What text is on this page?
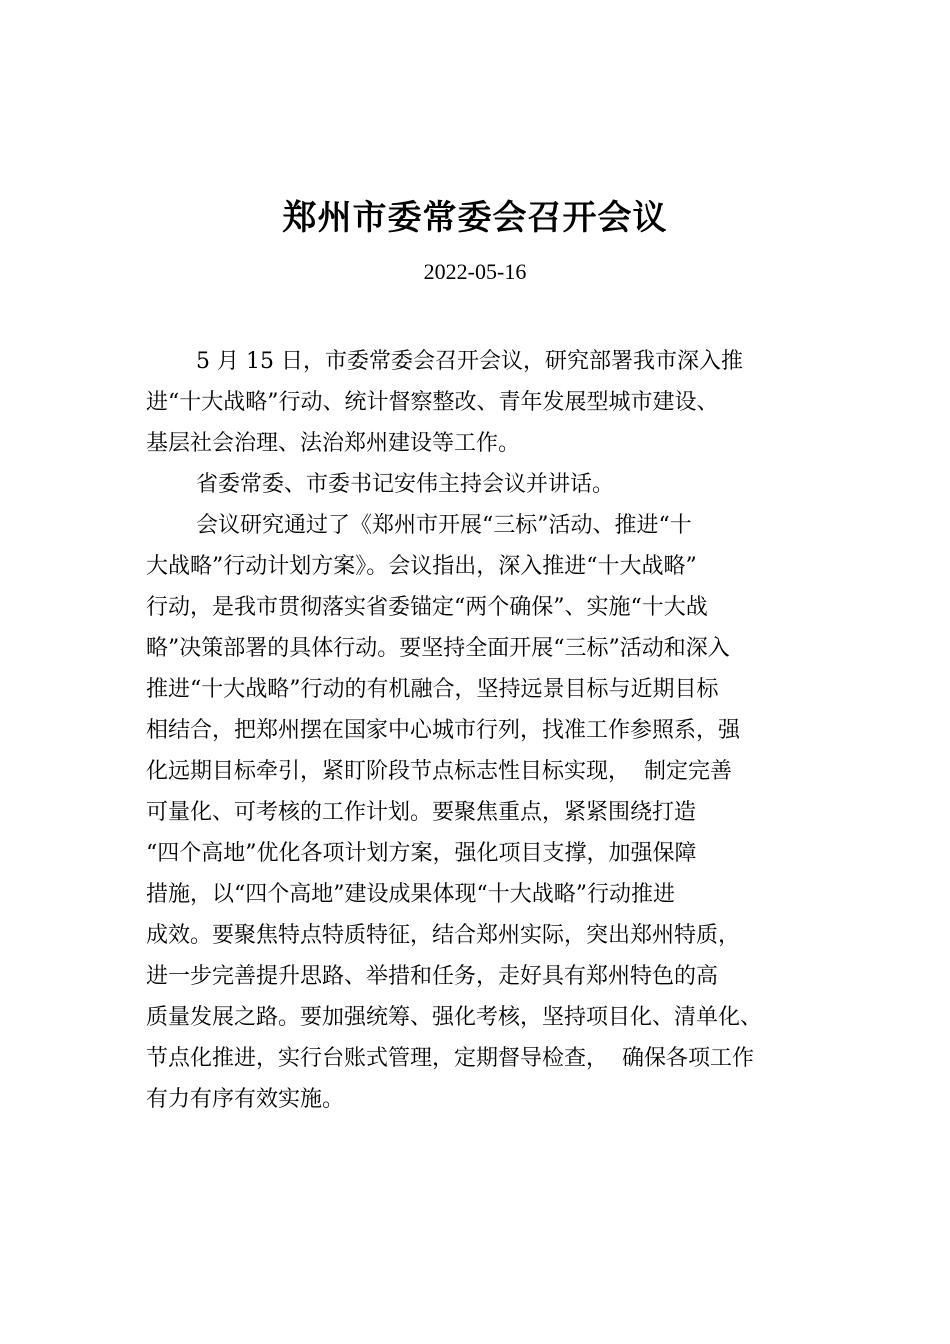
郑州市委常委会召开会议
2022-05-16
5 月 15 日，市委常委会召开会议，研究部署我市深入推
进“十大战略”行动、统计督察整改、青年发展型城市建设、
基层社会治理、法治郑州建设等工作。
省委常委、市委书记安伟主持会议并讲话。
会议研究通过了《郑州市开展“三标”活动、推进“十
大战略”行动计划方案》。会议指出，深入推进“十大战略”
行动，是我市贯彻落实省委锚定“两个确保”、实施“十大战
略”决策部署的具体行动。要坚持全面开展“三标”活动和深入
推进“十大战略”行动的有机融合，坚持远景目标与近期目标
相结合，把郑州摆在国家中心城市行列，找准工作参照系，强
化远期目标牵引，紧盯阶段节点标志性目标实现，  制定完善
可量化、可考核的工作计划。要聚焦重点，紧紧围绕打造
“四个高地”优化各项计划方案，强化项目支撑，加强保障
措施，以“四个高地”建设成果体现“十大战略”行动推进
成效。要聚焦特点特质特征，结合郑州实际，突出郑州特质，
进一步完善提升思路、举措和任务，走好具有郑州特色的高
质量发展之路。要加强统筹、强化考核，坚持项目化、清单化、
节点化推进，实行台账式管理，定期督导检查，  确保各项工作
有力有序有效实施。
